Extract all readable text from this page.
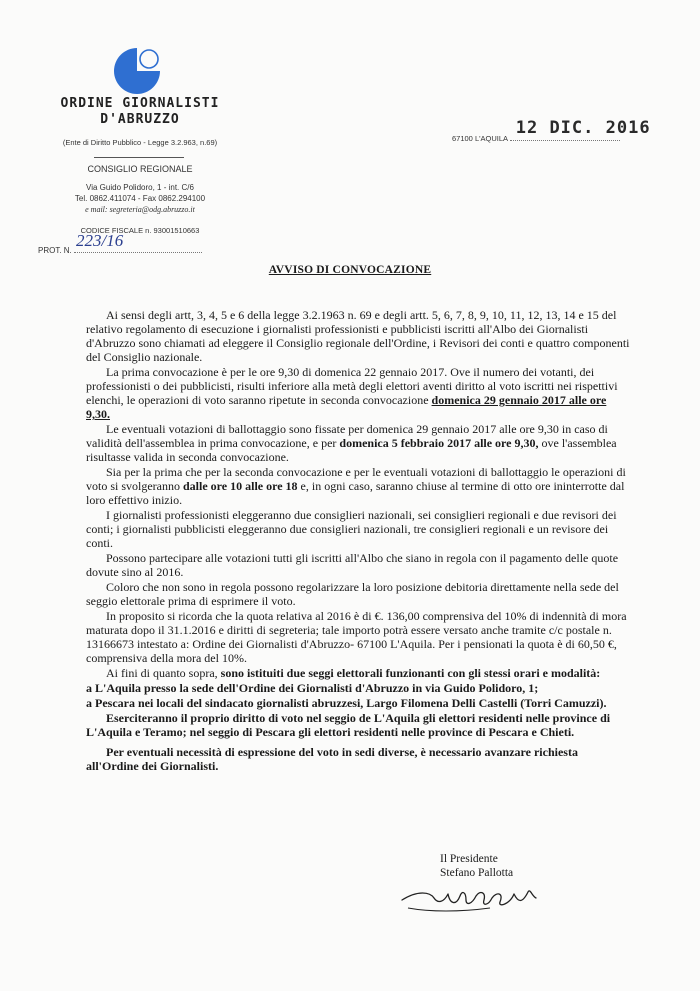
ORDINE GIORNALISTI
D'ABRUZZO
(Ente di Diritto Pubblico - Legge 3.2.963, n.69)
CONSIGLIO REGIONALE
Via Guido Polidoro, 1 - int. C/6
Tel. 0862.411074 - Fax 0862.294100
e mail: segreteria@odg.abruzzo.it
CODICE FISCALE n. 93001510663
PROT. N.
223/16
67100 L'AQUILA
12 DIC. 2016
AVVISO DI CONVOCAZIONE

Ai sensi degli artt, 3, 4, 5 e 6 della legge 3.2.1963 n. 69 e degli artt. 5, 6, 7, 8, 9, 10, 11, 12, 13, 14 e 15 del relativo regolamento di esecuzione i giornalisti professionisti e pubblicisti iscritti all'Albo dei Giornalisti d'Abruzzo sono chiamati ad eleggere il Consiglio regionale dell'Ordine, i Revisori dei conti e quattro componenti del Consiglio nazionale.

La prima convocazione è per le ore 9,30 di domenica 22 gennaio 2017. Ove il numero dei votanti, dei professionisti o dei pubblicisti, risulti inferiore alla metà degli elettori aventi diritto al voto iscritti nei rispettivi elenchi, le operazioni di voto saranno ripetute in seconda convocazione domenica 29 gennaio 2017 alle ore 9,30.

Le eventuali votazioni di ballottaggio sono fissate per domenica 29 gennaio 2017 alle ore 9,30 in caso di validità dell'assemblea in prima convocazione, e per domenica 5 febbraio 2017 alle ore 9,30, ove l'assemblea risultasse valida in seconda convocazione.

Sia per la prima che per la seconda convocazione e per le eventuali votazioni di ballottaggio le operazioni di voto si svolgeranno dalle ore 10 alle ore 18 e, in ogni caso, saranno chiuse al termine di otto ore ininterrotte dal loro effettivo inizio.

I giornalisti professionisti eleggeranno due consiglieri nazionali, sei consiglieri regionali e due revisori dei conti; i giornalisti pubblicisti eleggeranno due consiglieri nazionali, tre consiglieri regionali e un revisore dei conti.

Possono partecipare alle votazioni tutti gli iscritti all'Albo che siano in regola con il pagamento delle quote dovute sino al 2016.

Coloro che non sono in regola possono regolarizzare la loro posizione debitoria direttamente nella sede del seggio elettorale prima di esprimere il voto.

In proposito si ricorda che la quota relativa al 2016 è di €. 136,00 comprensiva del 10% di indennità di mora maturata dopo il 31.1.2016 e diritti di segreteria; tale importo potrà essere versato anche tramite c/c postale n. 13166673 intestato a: Ordine dei Giornalisti d'Abruzzo- 67100 L'Aquila. Per i pensionati la quota è di 60,50 €, comprensiva della mora del 10%.

Ai fini di quanto sopra, sono istituiti due seggi elettorali funzionanti con gli stessi orari e modalità:

a L'Aquila presso la sede dell'Ordine dei Giornalisti d'Abruzzo in via Guido Polidoro, 1;

a Pescara nei locali del sindacato giornalisti abruzzesi, Largo Filomena Delli Castelli (Torri Camuzzi).

Eserciteranno il proprio diritto di voto nel seggio de L'Aquila gli elettori residenti nelle province di L'Aquila e Teramo; nel seggio di Pescara gli elettori residenti nelle province di Pescara e Chieti.

Per eventuali necessità di espressione del voto in sedi diverse, è necessario avanzare richiesta all'Ordine dei Giornalisti.

Il Presidente
Stefano Pallotta
